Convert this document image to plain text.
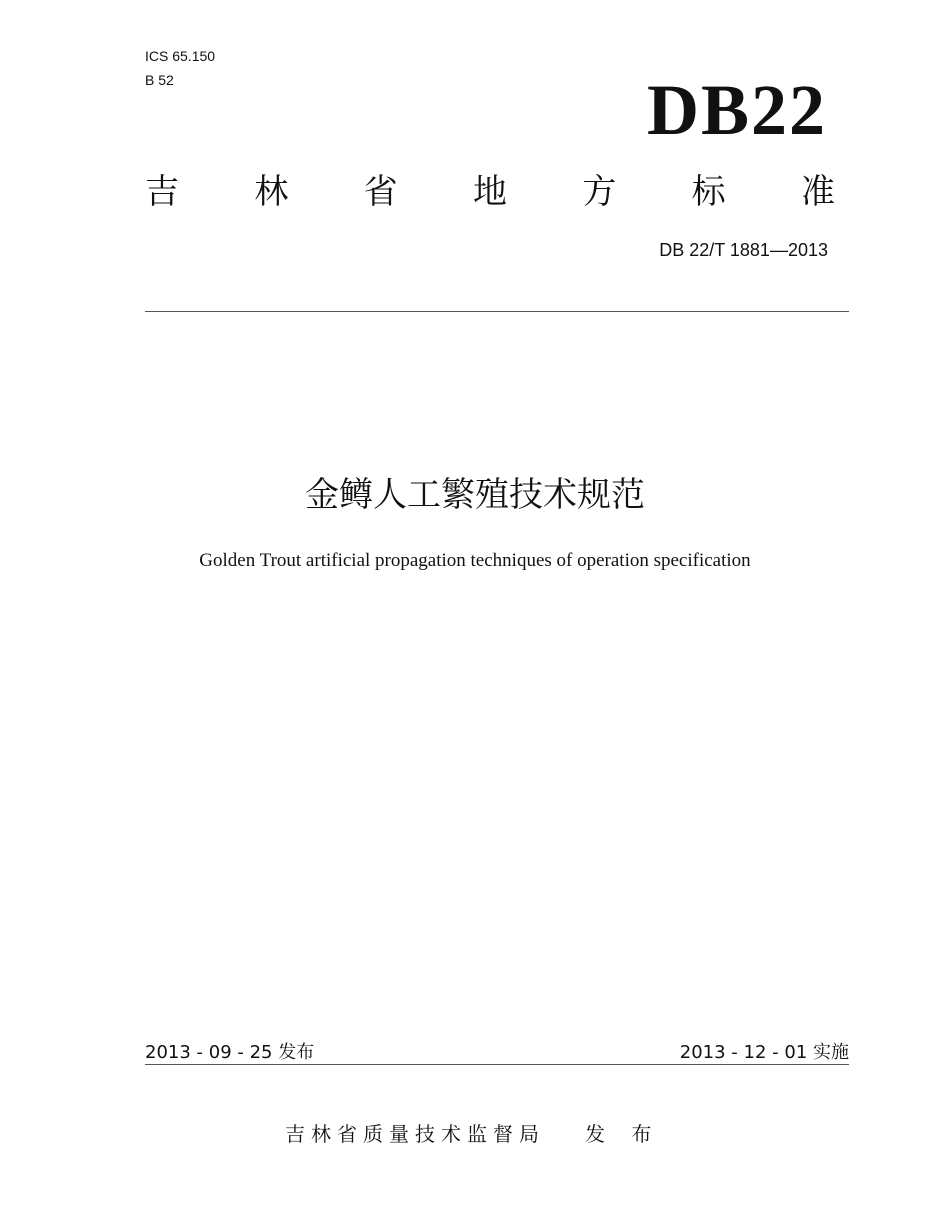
ICS 65.150
B 52	DB22
吉 林 省 地 方 标 准
DB 22/T 1881—2013
金鳟人工繁殖技术规范
Golden Trout artificial propagation techniques of operation specification
2013 - 09 - 25 发布	2013 - 12 - 01 实施
吉林省质量技术监督局 发 布
